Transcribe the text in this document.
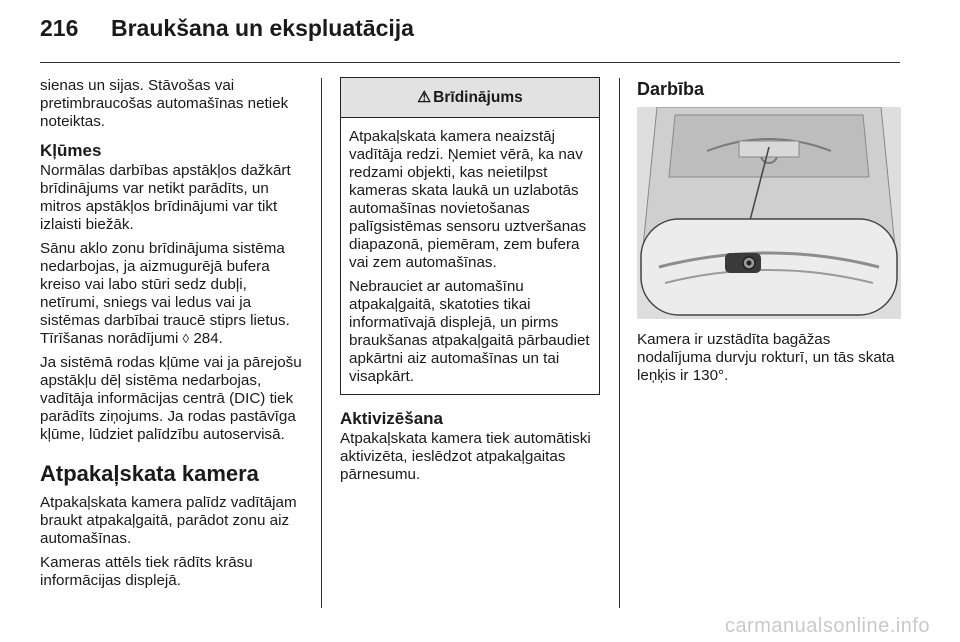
216 Braukšana un ekspluatācija

sienas un sijas. Stāvošas vai pretimbraucošas automašīnas netiek noteiktas.

Kļūmes

Normālas darbības apstākļos dažkārt brīdinājums var netikt parādīts, un mitros apstākļos brīdinājumi var tikt izlaisti biežāk.

Sānu aklo zonu brīdinājuma sistēma nedarbojas, ja aizmugurējā bufera kreiso vai labo stūri sedz dubļi, netīrumi, sniegs vai ledus vai ja sistēmas darbībai traucē stiprs lietus. Tīrīšanas norādījumi ◊ 284.

Ja sistēmā rodas kļūme vai ja pārejošu apstākļu dēļ sistēma nedarbojas, vadītāja informācijas centrā (DIC) tiek parādīts ziņojums. Ja rodas pastāvīga kļūme, lūdziet palīdzību autoservisā.

Atpakaļskata kamera

Atpakaļskata kamera palīdz vadītājam braukt atpakaļgaitā, parādot zonu aiz automašīnas.

Kameras attēls tiek rādīts krāsu informācijas displejā.

⚠ Brīdinājums

Atpakaļskata kamera neaizstāj vadītāja redzi. Ņemiet vērā, ka nav redzami objekti, kas neietilpst kameras skata laukā un uzlabotās automašīnas novietošanas palīgsistēmas sensoru uztveršanas diapazonā, piemēram, zem bufera vai zem automašīnas.

Nebrauciet ar automašīnu atpakaļgaitā, skatoties tikai informatīvajā displejā, un pirms braukšanas atpakaļgaitā pārbaudiet apkārtni aiz automašīnas un tai visapkārt.

Aktivizēšana

Atpakaļskata kamera tiek automātiski aktivizēta, ieslēdzot atpakaļgaitas pārnesumu.

Darbība

Kamera ir uzstādīta bagāžas nodalījuma durvju rokturī, un tās skata leņķis ir 130°.

carmanualsonline.info
